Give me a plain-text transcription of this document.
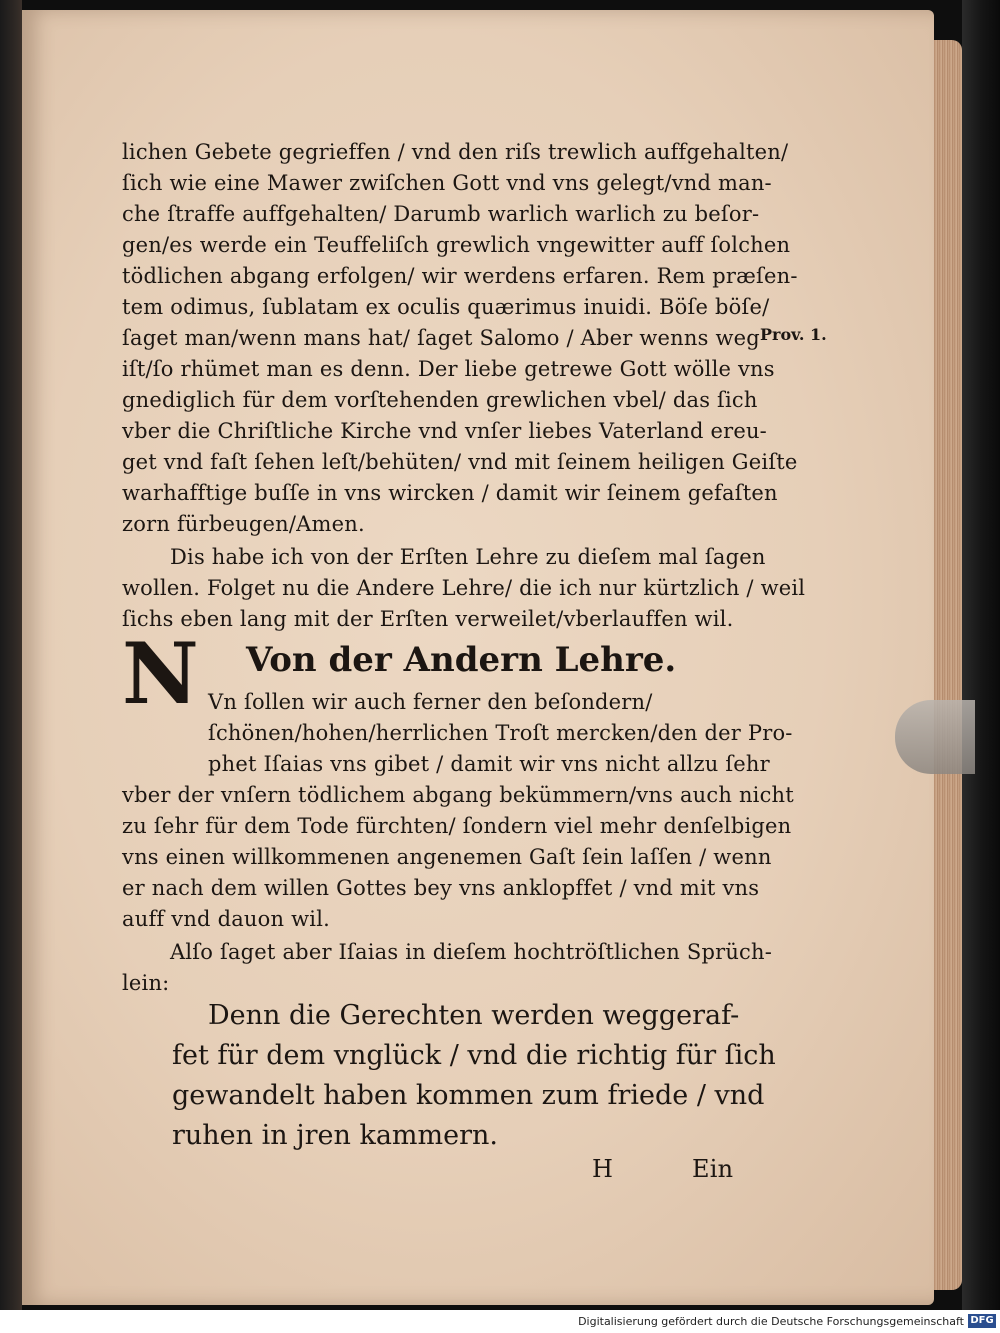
lichen Gebete gegrieffen / vnd den riſs trewlich auffgehalten/
ſich wie eine Mawer zwiſchen Gott vnd vns gelegt/vnd man-
che ſtraffe auffgehalten/ Darumb warlich warlich zu beſor-
gen/es werde ein Teuffeliſch grewlich vngewitter auff ſolchen
tödlichen abgang erfolgen/ wir werdens erfaren. Rem præſen-
tem odimus, ſublatam ex oculis quærimus inuidi. Böſe böſe/
ſaget man/wenn mans hat/ ſaget Salomo / Aber wenns weg
iſt/ſo rhümet man es denn. Der liebe getrewe Gott wölle vns
gnediglich für dem vorſtehenden grewlichen vbel/ das ſich
vber die Chriſtliche Kirche vnd vnſer liebes Vaterland ereu-
get vnd faſt ſehen leſt/behüten/ vnd mit ſeinem heiligen Geiſte
warhafftige buſſe in vns wircken / damit wir ſeinem gefaſten
zorn fürbeugen/Amen.
Dis habe ich von der Erſten Lehre zu dieſem mal ſagen
wollen. Folget nu die Andere Lehre/ die ich nur kürtzlich / weil
ſichs eben lang mit der Erſten verweilet/vberlauffen wil.
Prov. 1.
Von der Andern Lehre.
N Vn ſollen wir auch ferner den beſondern/
ſchönen/hohen/herrlichen Troſt mercken/den der Pro-
phet Iſaias vns gibet / damit wir vns nicht allzu ſehr
vber der vnſern tödlichem abgang bekümmern/vns auch nicht
zu ſehr für dem Tode fürchten/ ſondern viel mehr denſelbigen
vns einen willkommenen angenemen Gaſt ſein laſſen / wenn
er nach dem willen Gottes bey vns anklopffet / vnd mit vns
auff vnd dauon wil.
Alſo ſaget aber Iſaias in dieſem hochtröſtlichen Sprüch-
lein:
Denn die Gerechten werden weggeraf-
fet für dem vnglück / vnd die richtig für ſich
gewandelt haben kommen zum friede / vnd
ruhen in jren kammern.
H	Ein
Digitalisierung gefördert durch die Deutsche Forschungsgemeinschaft DFG
